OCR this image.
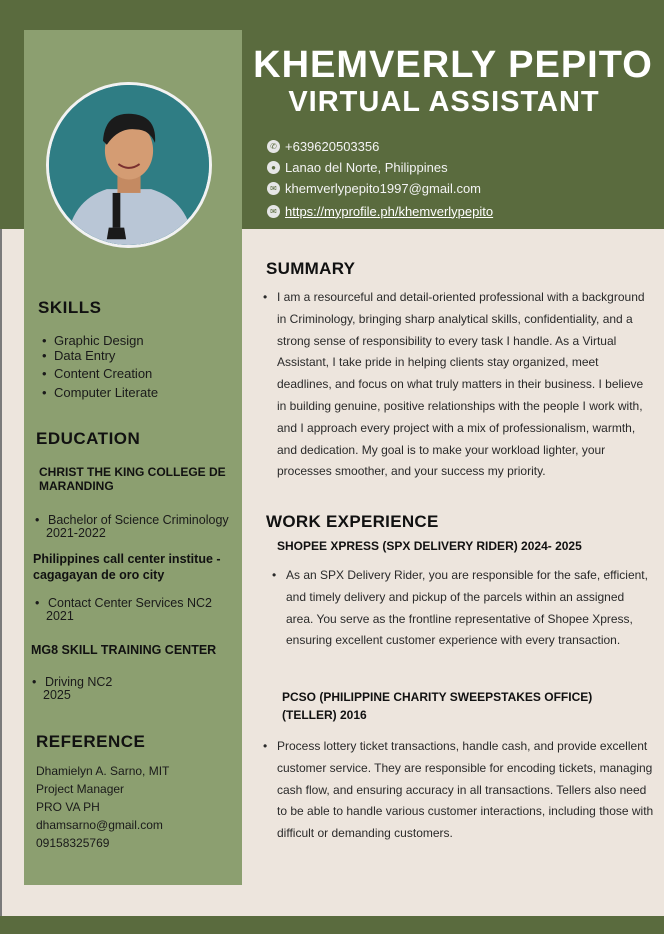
KHEMVERLY PEPITO
VIRTUAL ASSISTANT
✆ +639620503356
● Lanao del Norte, Philippines
✉ khemverlypepito1997@gmail.com
✉ https://myprofile.ph/khemverlypepito
SKILLS
• Graphic Design
• Data Entry
• Content Creation
• Computer Literate
EDUCATION
CHRIST THE KING COLLEGE DE MARANDING
• Bachelor of Science Criminology
2021-2022
Philippines call center institue - cagagayan de oro city
• Contact Center Services NC2
2021
MG8 SKILL TRAINING CENTER
• Driving NC2
2025
REFERENCE
Dhamielyn A. Sarno, MIT
Project Manager
PRO VA PH
dhamsarno@gmail.com
09158325769
SUMMARY
• I am a resourceful and detail-oriented professional with a background in Criminology, bringing sharp analytical skills, confidentiality, and a strong sense of responsibility to every task I handle. As a Virtual Assistant, I take pride in helping clients stay organized, meet deadlines, and focus on what truly matters in their business. I believe in building genuine, positive relationships with the people I work with, and I approach every project with a mix of professionalism, warmth, and dedication. My goal is to make your workload lighter, your processes smoother, and your success my priority.
WORK EXPERIENCE
SHOPEE XPRESS (SPX DELIVERY RIDER) 2024- 2025
• As an SPX Delivery Rider, you are responsible for the safe, efficient, and timely delivery and pickup of the parcels within an assigned area. You serve as the frontline representative of Shopee Xpress, ensuring excellent customer experience with every transaction.
PCSO (PHILIPPINE CHARITY SWEEPSTAKES OFFICE) (TELLER) 2016
• Process lottery ticket transactions, handle cash, and provide excellent customer service. They are responsible for encoding tickets, managing cash flow, and ensuring accuracy in all transactions. Tellers also need to be able to handle various customer interactions, including those with difficult or demanding customers.
